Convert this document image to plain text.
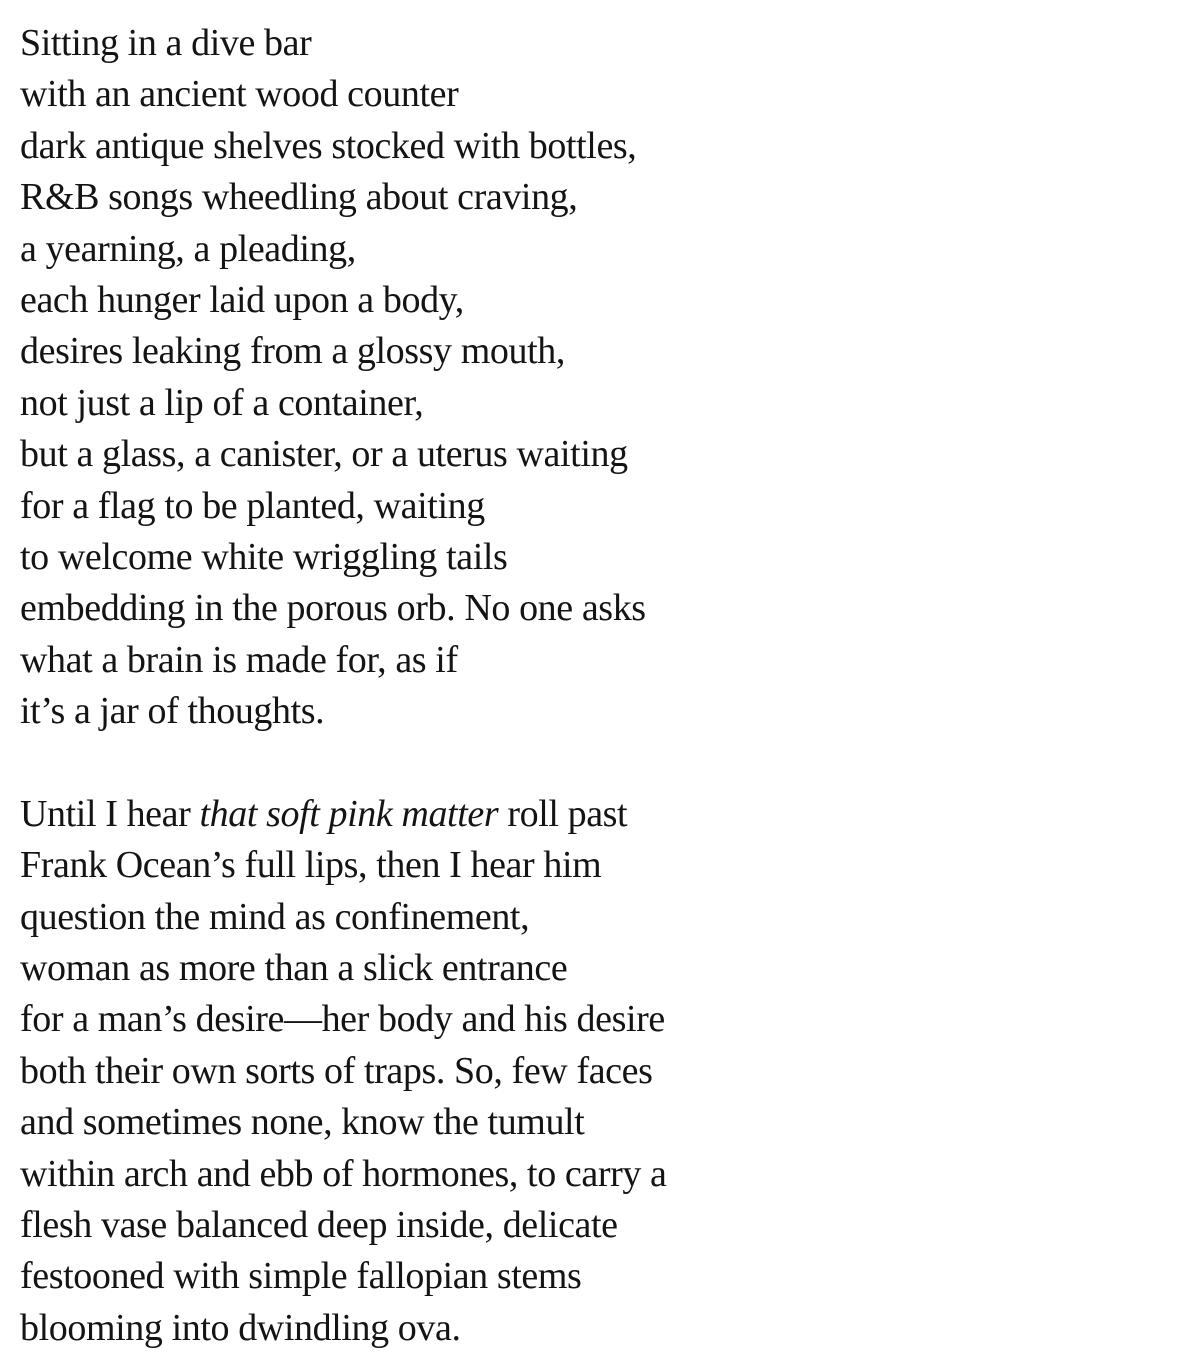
Sitting in a dive bar
with an ancient wood counter
dark antique shelves stocked with bottles,
R&B songs wheedling about craving,
a yearning, a pleading,
each hunger laid upon a body,
desires leaking from a glossy mouth,
not just a lip of a container,
but a glass, a canister, or a uterus waiting
for a flag to be planted, waiting
to welcome white wriggling tails
embedding in the porous orb. No one asks
what a brain is made for, as if
it’s a jar of thoughts.
Until I hear that soft pink matter roll past
Frank Ocean’s full lips, then I hear him
question the mind as confinement,
woman as more than a slick entrance
for a man’s desire—her body and his desire
both their own sorts of traps. So, few faces
and sometimes none, know the tumult
within arch and ebb of hormones, to carry a
flesh vase balanced deep inside, delicate
festooned with simple fallopian stems
blooming into dwindling ova.
